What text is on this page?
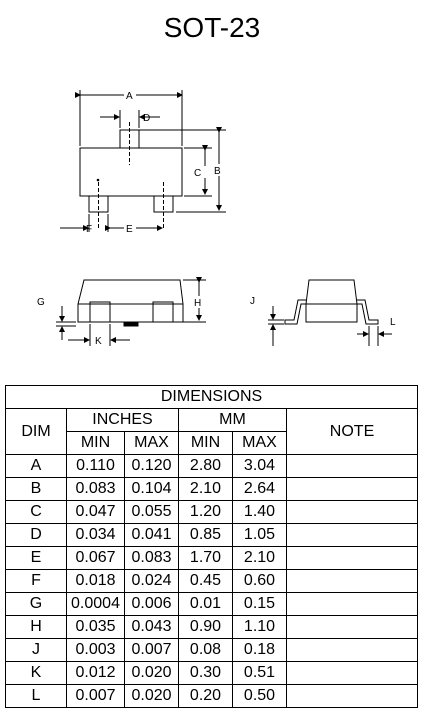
SOT-23
A
D
C B
F	E
G	H
K
J
L
DIMENSIONS					
DIM	INCHES		MM		NOTE
	MIN	MAX	MIN	MAX	
A	0.110	0.120	2.80	3.04	
B	0.083	0.104	2.10	2.64	
C	0.047	0.055	1.20	1.40	
D	0.034	0.041	0.85	1.05	
E	0.067	0.083	1.70	2.10	
F	0.018	0.024	0.45	0.60	
G	0.0004	0.006	0.01	0.15	
H	0.035	0.043	0.90	1.10	
J	0.003	0.007	0.08	0.18	
K	0.012	0.020	0.30	0.51	
L	0.007	0.020	0.20	0.50	
